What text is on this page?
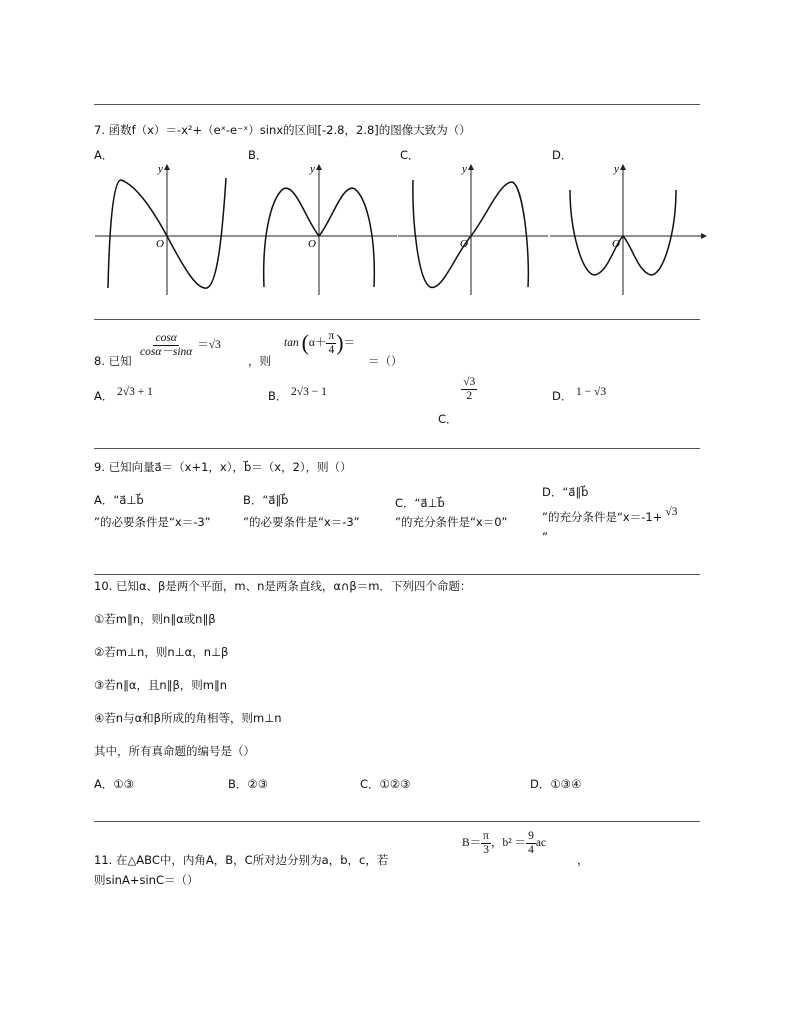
7. 函数f（x）＝-x²+（eˣ-e⁻ˣ）sinx的区间[-2.8，2.8]的图像大致为（）
A．	B．	C．	D．
y
O
y
O
y
O
y
O
8. 已知
$\frac{\cos\alpha}{\cos\alpha-\sin\alpha} =√3$
，则
$\tan (\alpha+ \frac{\pi}{4}$ )＝
＝（）
A． 2√3 + 1	B． 2√3 − 1
C．
$\frac{√3}{2}$	D． 1 − √3
9. 已知向量a⃗＝（x+1，x），b⃗＝（x，2），则（）
A．“a⃗⊥b⃗
”的必要条件是“x＝-3”
B．“a⃗∥b⃗
”的必要条件是“x＝-3”
C．“a⃗⊥b⃗
”的充分条件是“x＝0”
D．“a⃗∥b⃗
”的充分条件是“x＝-1+ √3
”
10. 已知α、β是两个平面，m、n是两条直线，α∩β＝m．下列四个命题：
①若m∥n，则n∥α或n∥β
②若m⊥n，则n⊥α，n⊥β
③若n∥α，且n∥β，则m∥n
④若n与α和β所成的角相等，则m⊥n
其中，所有真命题的编号是（）
A．①③	B．②③	C．①②③	D．①③④
11. 在△ABC中，内角A，B，C所对边分别为a，b，c，若
$B= \frac{\pi}{3}$ ，$b^2 = \frac{9}{4}$ ac
，
则sinA+sinC＝（）
